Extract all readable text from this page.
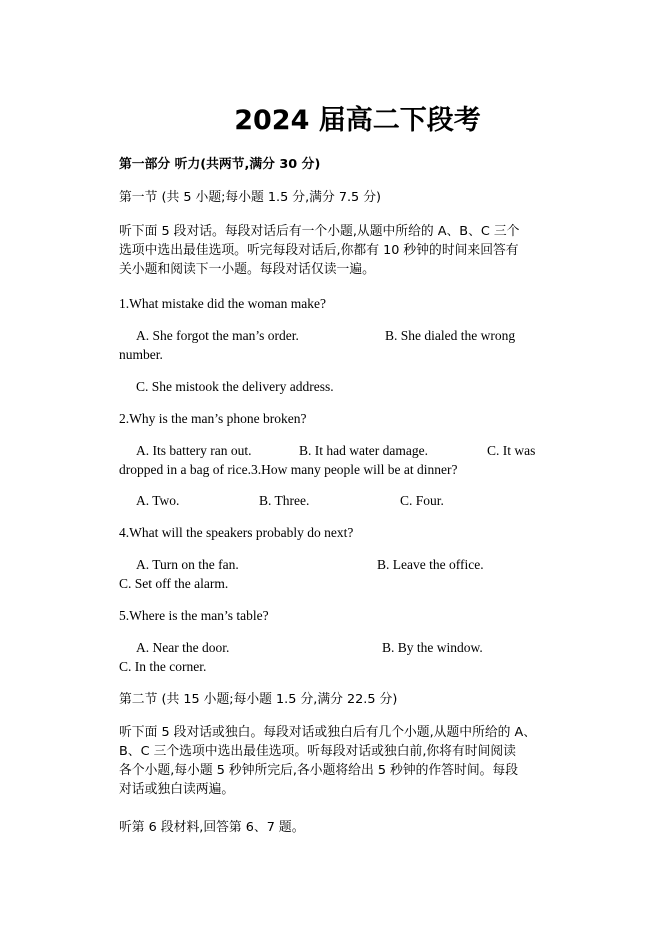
2024 届高二下段考
第一部分 听力(共两节,满分 30 分)
第一节 (共 5 小题;每小题 1.5 分,满分 7.5 分)
听下面 5 段对话。每段对话后有一个小题,从题中所给的 A、B、C 三个
选项中选出最佳选项。听完每段对话后,你都有 10 秒钟的时间来回答有
关小题和阅读下一小题。每段对话仅读一遍。
1.What mistake did the woman make?
A. She forgot the man’s order.	B. She dialed the wrong
number.
C. She mistook the delivery address.
2.Why is the man’s phone broken?
A. Its battery ran out.	B. It had water damage.	C. It was
dropped in a bag of rice.3.How many people will be at dinner?
A. Two.	B. Three.	C. Four.
4.What will the speakers probably do next?
A. Turn on the fan.	B. Leave the office.
C. Set off the alarm.
5.Where is the man’s table?
A. Near the door.	B. By the window.
C. In the corner.
第二节 (共 15 小题;每小题 1.5 分,满分 22.5 分)
听下面 5 段对话或独白。每段对话或独白后有几个小题,从题中所给的 A、
B、C 三个选项中选出最佳选项。听每段对话或独白前,你将有时间阅读
各个小题,每小题 5 秒钟所完后,各小题将给出 5 秒钟的作答时间。每段
对话或独白读两遍。
听第 6 段材料,回答第 6、7 题。
